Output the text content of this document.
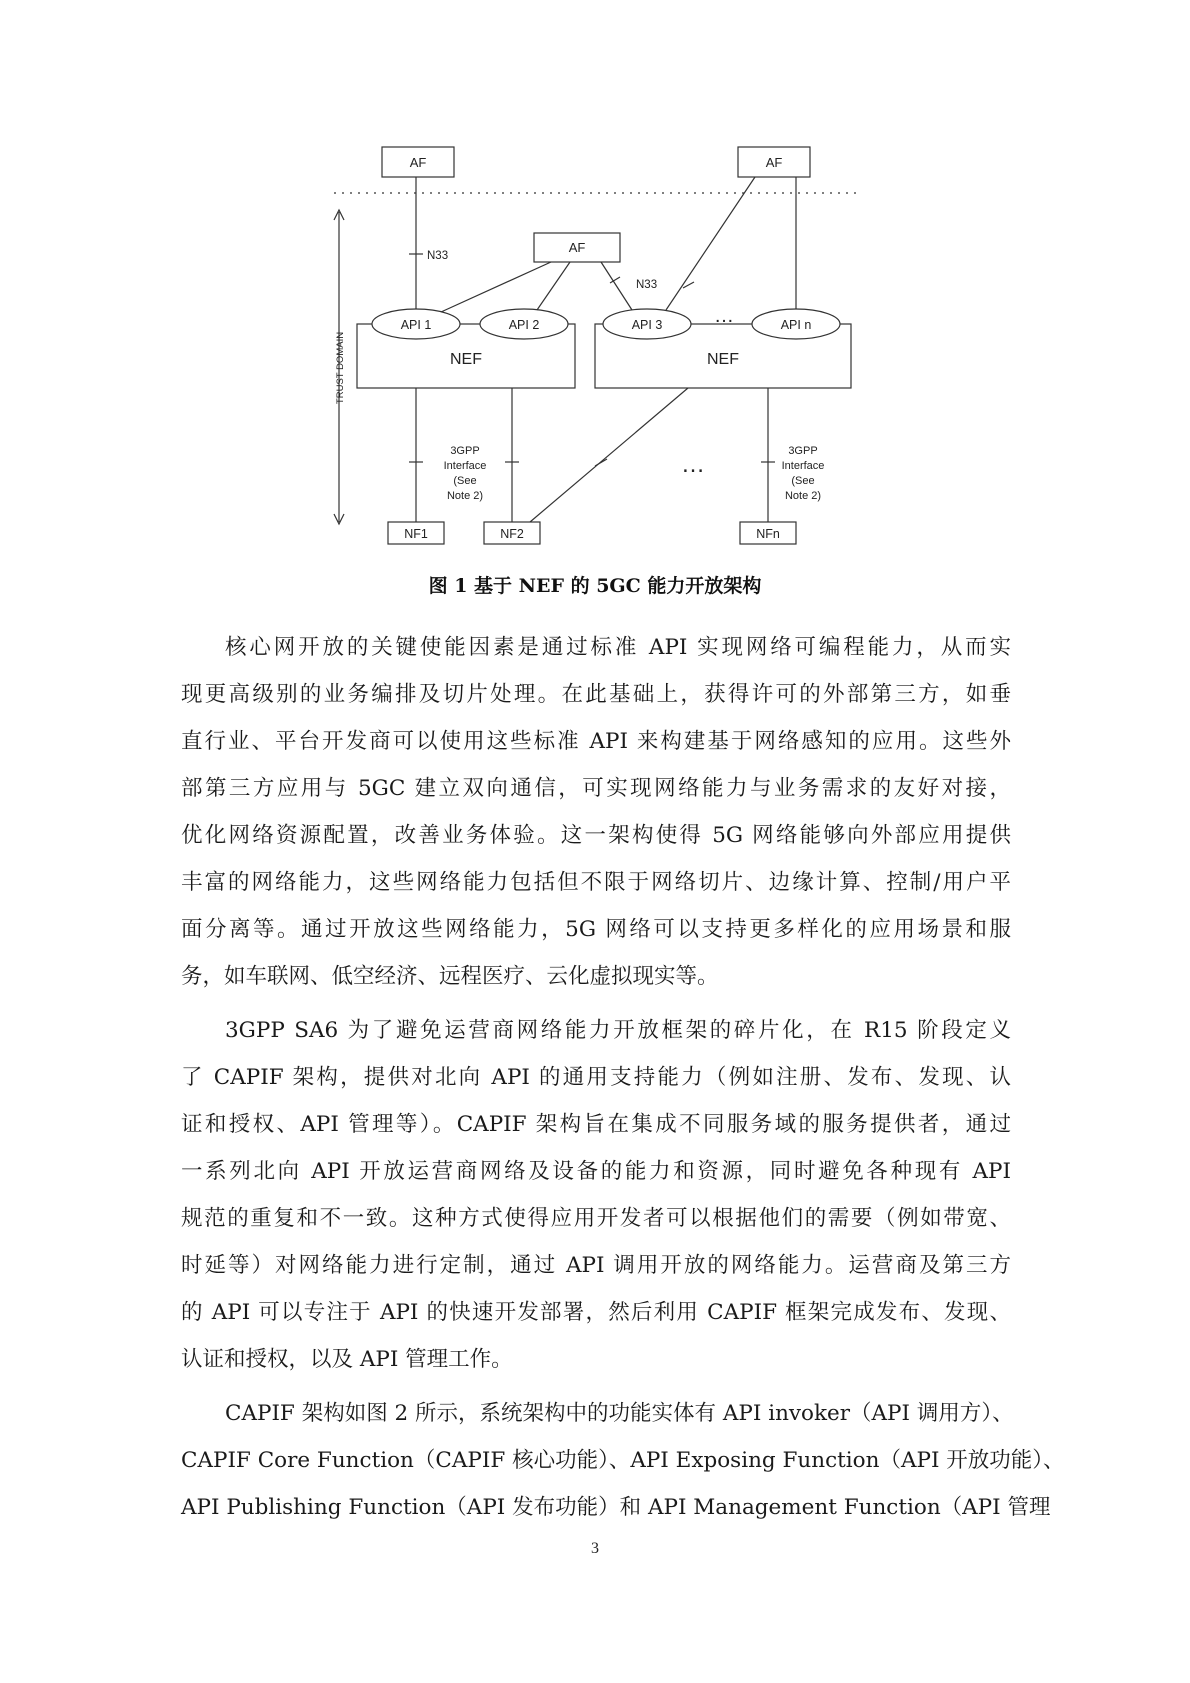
TRUST DOMAIN
AF	AF
AF
N33
N33
API 1	API 2	API 3	API n
…
NEF	NEF
…
3GPP
Interface
(See
Note 2)
3GPP
Interface
(See
Note 2)
NF1	NF2	NFn
图 1 基于 NEF 的 5GC 能力开放架构
核心网开放的关键使能因素是通过标准 API 实现网络可编程能力，从而实
现更高级别的业务编排及切片处理。在此基础上，获得许可的外部第三方，如垂
直行业、平台开发商可以使用这些标准 API 来构建基于网络感知的应用。这些外
部第三方应用与 5GC 建立双向通信，可实现网络能力与业务需求的友好对接，
优化网络资源配置，改善业务体验。这一架构使得 5G 网络能够向外部应用提供
丰富的网络能力，这些网络能力包括但不限于网络切片、边缘计算、控制/用户平
面分离等。通过开放这些网络能力，5G 网络可以支持更多样化的应用场景和服
务，如车联网、低空经济、远程医疗、云化虚拟现实等。
3GPP SA6 为了避免运营商网络能力开放框架的碎片化，在 R15 阶段定义
了 CAPIF 架构，提供对北向 API 的通用支持能力（例如注册、发布、发现、认
证和授权、API 管理等）。CAPIF 架构旨在集成不同服务域的服务提供者，通过
一系列北向 API 开放运营商网络及设备的能力和资源，同时避免各种现有 API
规范的重复和不一致。这种方式使得应用开发者可以根据他们的需要（例如带宽、
时延等）对网络能力进行定制，通过 API 调用开放的网络能力。运营商及第三方
的 API 可以专注于 API 的快速开发部署，然后利用 CAPIF 框架完成发布、发现、
认证和授权，以及 API 管理工作。
CAPIF 架构如图 2 所示，系统架构中的功能实体有 API invoker（API 调用方）、
CAPIF Core Function（CAPIF 核心功能）、API Exposing Function（API 开放功能）、
API Publishing Function（API 发布功能）和 API Management Function（API 管理
3
